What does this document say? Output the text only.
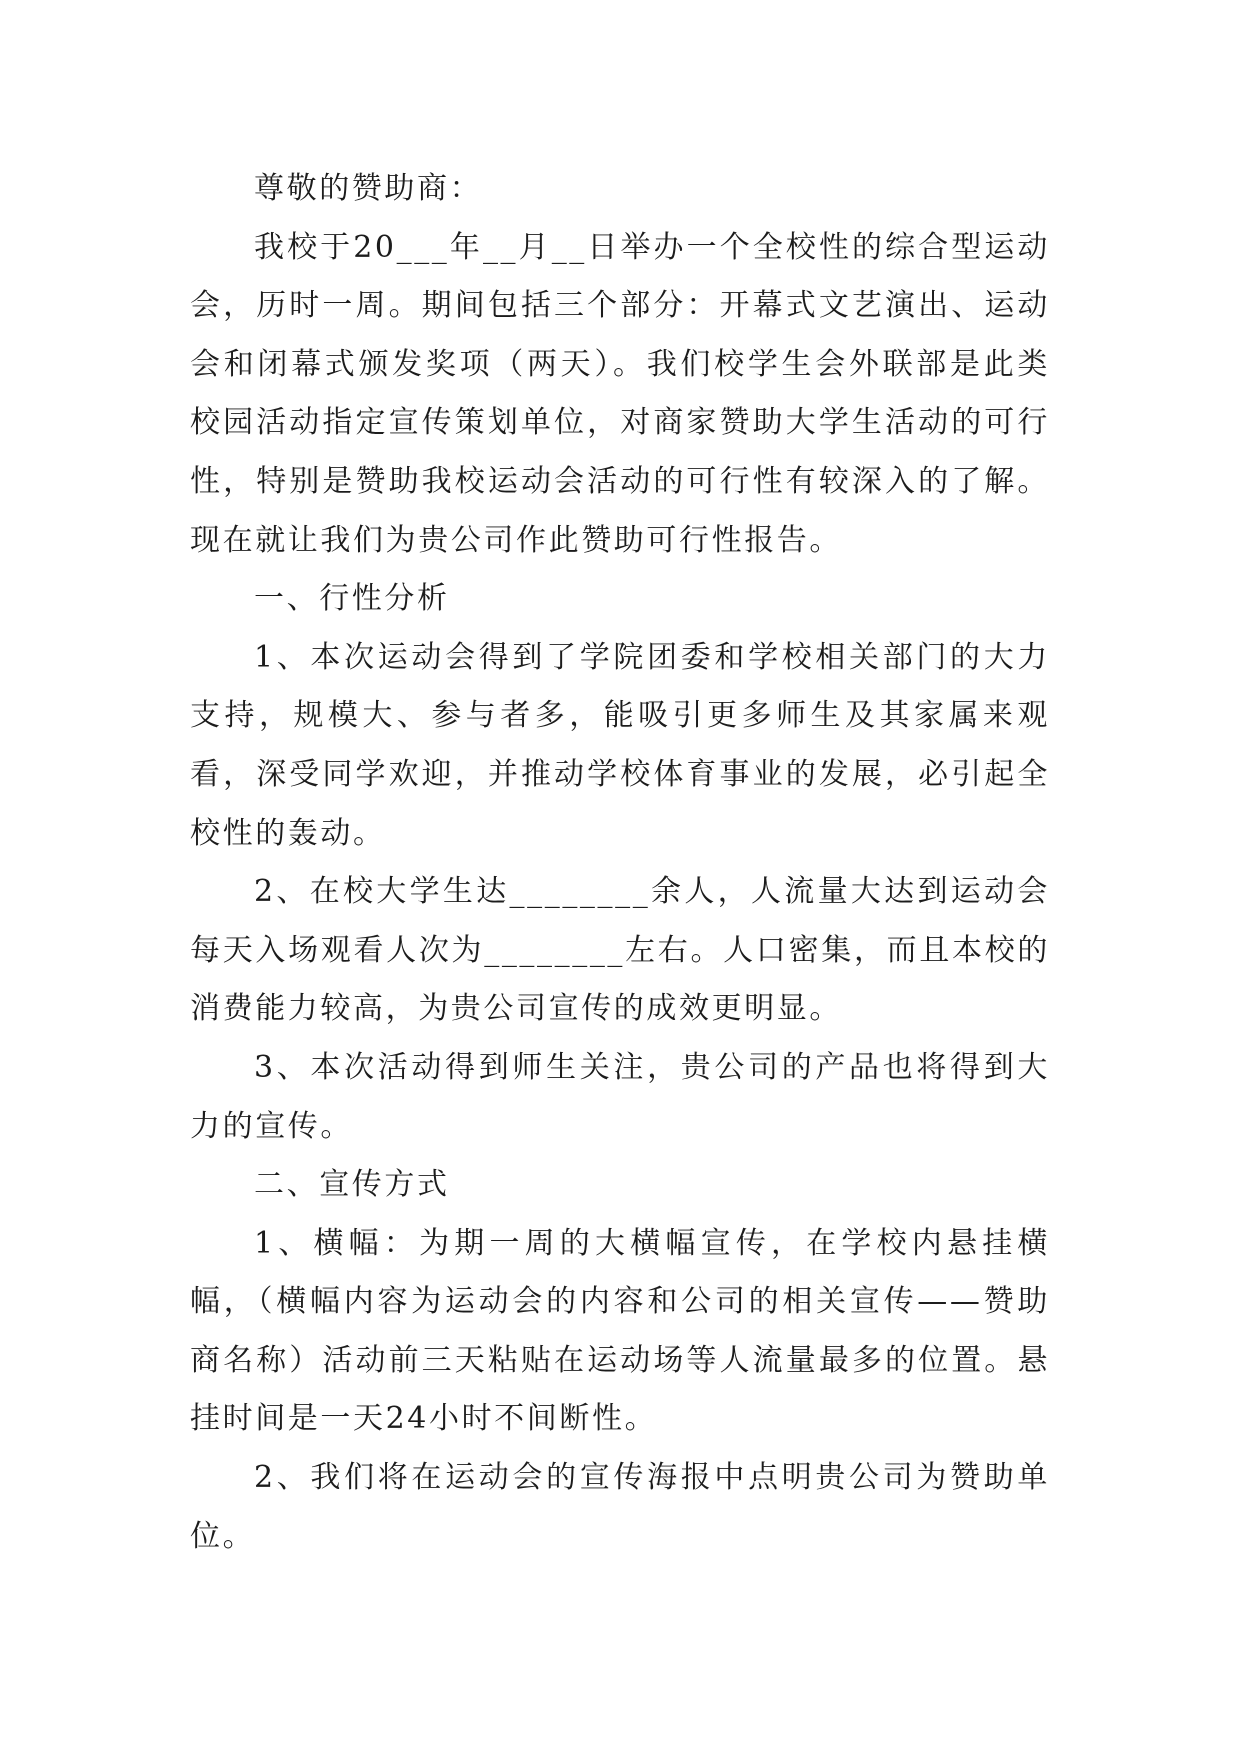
尊敬的赞助商：

我校于20___年__月__日举办一个全校性的综合型运动会，历时一周。期间包括三个部分：开幕式文艺演出、运动会和闭幕式颁发奖项（两天）。我们校学生会外联部是此类校园活动指定宣传策划单位，对商家赞助大学生活动的可行性，特别是赞助我校运动会活动的可行性有较深入的了解。现在就让我们为贵公司作此赞助可行性报告。

一、行性分析

1、本次运动会得到了学院团委和学校相关部门的大力支持，规模大、参与者多，能吸引更多师生及其家属来观看，深受同学欢迎，并推动学校体育事业的发展，必引起全校性的轰动。

2、在校大学生达________余人，人流量大达到运动会每天入场观看人次为________左右。人口密集，而且本校的消费能力较高，为贵公司宣传的成效更明显。

3、本次活动得到师生关注，贵公司的产品也将得到大力的宣传。

二、宣传方式

1、横幅：为期一周的大横幅宣传，在学校内悬挂横幅，（横幅内容为运动会的内容和公司的相关宣传——赞助商名称）活动前三天粘贴在运动场等人流量最多的位置。悬挂时间是一天24小时不间断性。

2、我们将在运动会的宣传海报中点明贵公司为赞助单位。
